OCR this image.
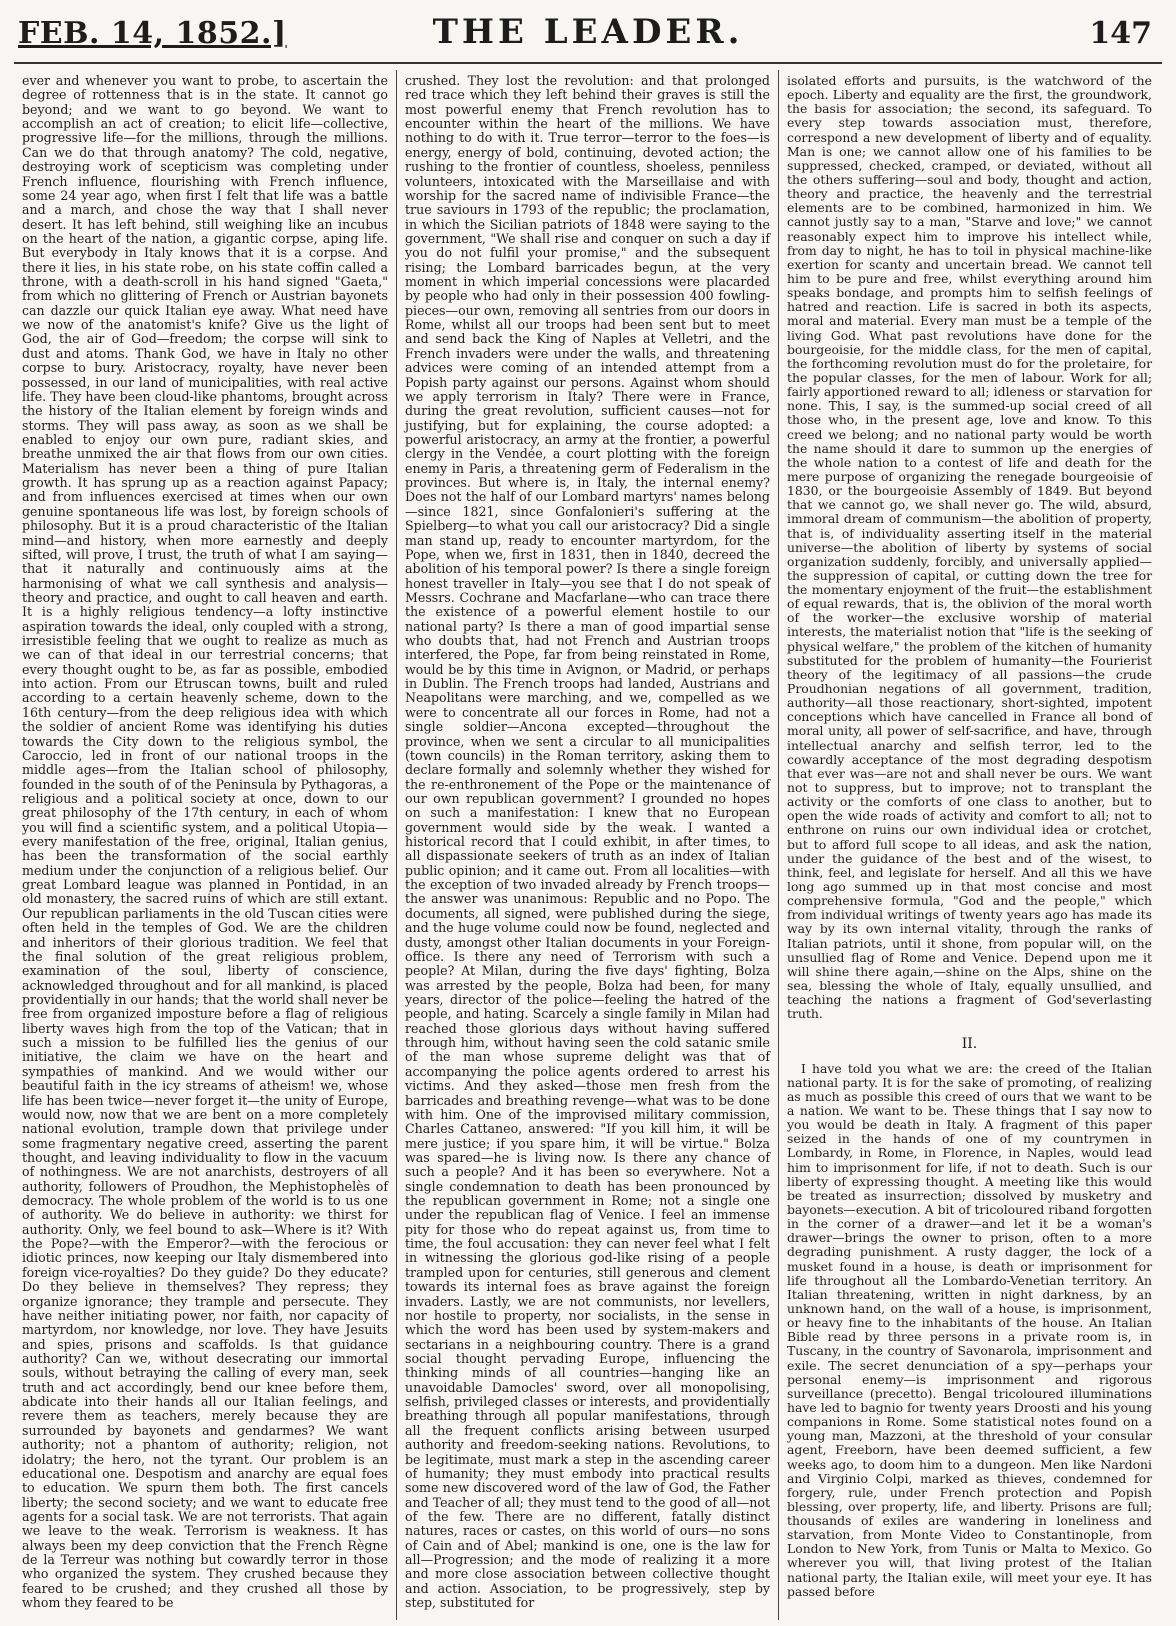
FEB. 14, 1852.]	THE LEADER.	147

ever and whenever you want to probe, to ascertain the degree of rottenness that is in the state. It cannot go beyond; and we want to go beyond. We want to accomplish an act of creation; to elicit life—collective, progressive life—for the millions, through the millions. Can we do that through anatomy? The cold, negative, destroying work of scepticism was completing under French influence, flourishing with French influence, some 24 year ago, when first I felt that life was a battle and a march, and chose the way that I shall never desert. It has left behind, still weighing like an incubus on the heart of the nation, a gigantic corpse, aping life. But everybody in Italy knows that it is a corpse. And there it lies, in his state robe, on his state coffin called a throne, with a death-scroll in his hand signed "Gaeta," from which no glittering of French or Austrian bayonets can dazzle our quick Italian eye away. What need have we now of the anatomist's knife? Give us the light of God, the air of God—freedom; the corpse will sink to dust and atoms. Thank God, we have in Italy no other corpse to bury. Aristocracy, royalty, have never been possessed, in our land of municipalities, with real active life. They have been cloud-like phantoms, brought across the history of the Italian element by foreign winds and storms. They will pass away, as soon as we shall be enabled to enjoy our own pure, radiant skies, and breathe unmixed the air that flows from our own cities. Materialism has never been a thing of pure Italian growth. It has sprung up as a reaction against Papacy; and from influences exercised at times when our own genuine spontaneous life was lost, by foreign schools of philosophy. But it is a proud characteristic of the Italian mind—and history, when more earnestly and deeply sifted, will prove, I trust, the truth of what I am saying—that it naturally and continuously aims at the harmonising of what we call synthesis and analysis—theory and practice, and ought to call heaven and earth. It is a highly religious tendency—a lofty instinctive aspiration towards the ideal, only coupled with a strong, irresistible feeling that we ought to realize as much as we can of that ideal in our terrestrial concerns; that every thought ought to be, as far as possible, embodied into action. From our Etruscan towns, built and ruled according to a certain heavenly scheme, down to the 16th century—from the deep religious idea with which the soldier of ancient Rome was identifying his duties towards the City down to the religious symbol, the Caroccio, led in front of our national troops in the middle ages—from the Italian school of philosophy, founded in the south of of the Peninsula by Pythagoras, a religious and a political society at once, down to our great philosophy of the 17th century, in each of whom you will find a scientific system, and a political Utopia—every manifestation of the free, original, Italian genius, has been the transformation of the social earthly medium under the conjunction of a religious belief. Our great Lombard league was planned in Pontidad, in an old monastery, the sacred ruins of which are still extant. Our republican parliaments in the old Tuscan cities were often held in the temples of God. We are the children and inheritors of their glorious tradition. We feel that the final solution of the great religious problem, examination of the soul, liberty of conscience, acknowledged throughout and for all mankind, is placed providentially in our hands; that the world shall never be free from organized imposture before a flag of religious liberty waves high from the top of the Vatican; that in such a mission to be fulfilled lies the genius of our initiative, the claim we have on the heart and sympathies of mankind. And we would wither our beautiful faith in the icy streams of atheism! we, whose life has been twice—never forget it—the unity of Europe, would now, now that we are bent on a more completely national evolution, trample down that privilege under some fragmentary negative creed, asserting the parent thought, and leaving individuality to flow in the vacuum of nothingness. We are not anarchists, destroyers of all authority, followers of Proudhon, the Mephistophelès of democracy. The whole problem of the world is to us one of authority. We do believe in authority: we thirst for authority. Only, we feel bound to ask—Where is it? With the Pope?—with the Emperor?—with the ferocious or idiotic princes, now keeping our Italy dismembered into foreign vice-royalties? Do they guide? Do they educate? Do they believe in themselves? They repress; they organize ignorance; they trample and persecute. They have neither initiating power, nor faith, nor capacity of martyrdom, nor knowledge, nor love. They have Jesuits and spies, prisons and scaffolds. Is that guidance authority? Can we, without desecrating our immortal souls, without betraying the calling of every man, seek truth and act accordingly, bend our knee before them, abdicate into their hands all our Italian feelings, and revere them as teachers, merely because they are surrounded by bayonets and gendarmes? We want authority; not a phantom of authority; religion, not idolatry; the hero, not the tyrant. Our problem is an educational one. Despotism and anarchy are equal foes to education. We spurn them both. The first cancels liberty; the second society; and we want to educate free agents for a social task. We are not terrorists. That again we leave to the weak. Terrorism is weakness. It has always been my deep conviction that the French Règne de la Terreur was nothing but cowardly terror in those who organized the system. They crushed because they feared to be crushed; and they crushed all those by whom they feared to be

crushed. They lost the revolution: and that prolonged red trace which they left behind their graves is still the most powerful enemy that French revolution has to encounter within the heart of the millions. We have nothing to do with it. True terror—terror to the foes—is energy, energy of bold, continuing, devoted action; the rushing to the frontier of countless, shoeless, penniless volunteers, intoxicated with the Marseillaise and with worship for the sacred name of indivisible France—the true saviours in 1793 of the republic; the proclamation, in which the Sicilian patriots of 1848 were saying to the government, "We shall rise and conquer on such a day if you do not fulfil your promise," and the subsequent rising; the Lombard barricades begun, at the very moment in which imperial concessions were placarded by people who had only in their possession 400 fowling-pieces—our own, removing all sentries from our doors in Rome, whilst all our troops had been sent but to meet and send back the King of Naples at Velletri, and the French invaders were under the walls, and threatening advices were coming of an intended attempt from a Popish party against our persons. Against whom should we apply terrorism in Italy? There were in France, during the great revolution, sufficient causes—not for justifying, but for explaining, the course adopted: a powerful aristocracy, an army at the frontier, a powerful clergy in the Vendée, a court plotting with the foreign enemy in Paris, a threatening germ of Federalism in the provinces. But where is, in Italy, the internal enemy? Does not the half of our Lombard martyrs' names belong—since 1821, since Gonfalonieri's suffering at the Spielberg—to what you call our aristocracy? Did a single man stand up, ready to encounter martyrdom, for the Pope, when we, first in 1831, then in 1840, decreed the abolition of his temporal power? Is there a single foreign honest traveller in Italy—you see that I do not speak of Messrs. Cochrane and Macfarlane—who can trace there the existence of a powerful element hostile to our national party? Is there a man of good impartial sense who doubts that, had not French and Austrian troops interfered, the Pope, far from being reinstated in Rome, would be by this time in Avignon, or Madrid, or perhaps in Dublin. The French troops had landed, Austrians and Neapolitans were marching, and we, compelled as we were to concentrate all our forces in Rome, had not a single soldier—Ancona excepted—throughout the province, when we sent a circular to all municipalities (town councils) in the Roman territory, asking them to declare formally and solemnly whether they wished for the re-enthronement of the Pope or the maintenance of our own republican government? I grounded no hopes on such a manifestation: I knew that no European government would side by the weak. I wanted a historical record that I could exhibit, in after times, to all dispassionate seekers of truth as an index of Italian public opinion; and it came out. From all localities—with the exception of two invaded already by French troops—the answer was unanimous: Republic and no Popo. The documents, all signed, were published during the siege, and the huge volume could now be found, neglected and dusty, amongst other Italian documents in your Foreign-office. Is there any need of Terrorism with such a people? At Milan, during the five days' fighting, Bolza was arrested by the people, Bolza had been, for many years, director of the police—feeling the hatred of the people, and hating. Scarcely a single family in Milan had reached those glorious days without having suffered through him, without having seen the cold satanic smile of the man whose supreme delight was that of accompanying the police agents ordered to arrest his victims. And they asked—those men fresh from the barricades and breathing revenge—what was to be done with him. One of the improvised military commission, Charles Cattaneo, answered: "If you kill him, it will be mere justice; if you spare him, it will be virtue." Bolza was spared—he is living now. Is there any chance of such a people? And it has been so everywhere. Not a single condemnation to death has been pronounced by the republican government in Rome; not a single one under the republican flag of Venice. I feel an immense pity for those who do repeat against us, from time to time, the foul accusation: they can never feel what I felt in witnessing the glorious god-like rising of a people trampled upon for centuries, still generous and clement towards its internal foes as brave against the foreign invaders. Lastly, we are not communists, nor levellers, nor hostile to property, nor socialists, in the sense in which the word has been used by system-makers and sectarians in a neighbouring country. There is a grand social thought pervading Europe, influencing the thinking minds of all countries—hanging like an unavoidable Damocles' sword, over all monopolising, selfish, privileged classes or interests, and providentially breathing through all popular manifestations, through all the frequent conflicts arising between usurped authority and freedom-seeking nations. Revolutions, to be legitimate, must mark a step in the ascending career of humanity; they must embody into practical results some new discovered word of the law of God, the Father and Teacher of all; they must tend to the good of all—not of the few. There are no different, fatally distinct natures, races or castes, on this world of ours—no sons of Cain and of Abel; mankind is one, one is the law for all—Progression; and the mode of realizing it a more and more close association between collective thought and action. Association, to be progressively, step by step, substituted for

isolated efforts and pursuits, is the watchword of the epoch. Liberty and equality are the first, the groundwork, the basis for association; the second, its safeguard. To every step towards association must, therefore, correspond a new development of liberty and of equality. Man is one; we cannot allow one of his families to be suppressed, checked, cramped, or deviated, without all the others suffering—soul and body, thought and action, theory and practice, the heavenly and the terrestrial elements are to be combined, harmonized in him. We cannot justly say to a man, "Starve and love;" we cannot reasonably expect him to improve his intellect while, from day to night, he has to toil in physical machine-like exertion for scanty and uncertain bread. We cannot tell him to be pure and free, whilst everything around him speaks bondage, and prompts him to selfish feelings of hatred and reaction. Life is sacred in both its aspects, moral and material. Every man must be a temple of the living God. What past revolutions have done for the bourgeoisie, for the middle class, for the men of capital, the forthcoming revolution must do for the proletaire, for the popular classes, for the men of labour. Work for all; fairly apportioned reward to all; idleness or starvation for none. This, I say, is the summed-up social creed of all those who, in the present age, love and know. To this creed we belong; and no national party would be worth the name should it dare to summon up the energies of the whole nation to a contest of life and death for the mere purpose of organizing the renegade bourgeoisie of 1830, or the bourgeoisie Assembly of 1849. But beyond that we cannot go, we shall never go. The wild, absurd, immoral dream of communism—the abolition of property, that is, of individuality asserting itself in the material universe—the abolition of liberty by systems of social organization suddenly, forcibly, and universally applied—the suppression of capital, or cutting down the tree for the momentary enjoyment of the fruit—the establishment of equal rewards, that is, the oblivion of the moral worth of the worker—the exclusive worship of material interests, the materialist notion that "life is the seeking of physical welfare," the problem of the kitchen of humanity substituted for the problem of humanity—the Fourierist theory of the legitimacy of all passions—the crude Proudhonian negations of all government, tradition, authority—all those reactionary, short-sighted, impotent conceptions which have cancelled in France all bond of moral unity, all power of self-sacrifice, and have, through intellectual anarchy and selfish terror, led to the cowardly acceptance of the most degrading despotism that ever was—are not and shall never be ours. We want not to suppress, but to improve; not to transplant the activity or the comforts of one class to another, but to open the wide roads of activity and comfort to all; not to enthrone on ruins our own individual idea or crotchet, but to afford full scope to all ideas, and ask the nation, under the guidance of the best and of the wisest, to think, feel, and legislate for herself. And all this we have long ago summed up in that most concise and most comprehensive formula, "God and the people," which from individual writings of twenty years ago has made its way by its own internal vitality, through the ranks of Italian patriots, until it shone, from popular will, on the unsullied flag of Rome and Venice. Depend upon me it will shine there again,—shine on the Alps, shine on the sea, blessing the whole of Italy, equally unsullied, and teaching the nations a fragment of God'severlasting truth.

II.

I have told you what we are: the creed of the Italian national party. It is for the sake of promoting, of realizing as much as possible this creed of ours that we want to be a nation. We want to be. These things that I say now to you would be death in Italy. A fragment of this paper seized in the hands of one of my countrymen in Lombardy, in Rome, in Florence, in Naples, would lead him to imprisonment for life, if not to death. Such is our liberty of expressing thought. A meeting like this would be treated as insurrection; dissolved by musketry and bayonets—execution. A bit of tricoloured riband forgotten in the corner of a drawer—and let it be a woman's drawer—brings the owner to prison, often to a more degrading punishment. A rusty dagger, the lock of a musket found in a house, is death or imprisonment for life throughout all the Lombardo-Venetian territory. An Italian threatening, written in night darkness, by an unknown hand, on the wall of a house, is imprisonment, or heavy fine to the inhabitants of the house. An Italian Bible read by three persons in a private room is, in Tuscany, in the country of Savonarola, imprisonment and exile. The secret denunciation of a spy—perhaps your personal enemy—is imprisonment and rigorous surveillance (precetto). Bengal tricoloured illuminations have led to bagnio for twenty years Droosti and his young companions in Rome. Some statistical notes found on a young man, Mazzoni, at the threshold of your consular agent, Freeborn, have been deemed sufficient, a few weeks ago, to doom him to a dungeon. Men like Nardoni and Virginio Colpi, marked as thieves, condemned for forgery, rule, under French protection and Popish blessing, over property, life, and liberty. Prisons are full; thousands of exiles are wandering in loneliness and starvation, from Monte Video to Constantinople, from London to New York, from Tunis or Malta to Mexico. Go wherever you will, that living protest of the Italian national party, the Italian exile, will meet your eye. It has passed before
